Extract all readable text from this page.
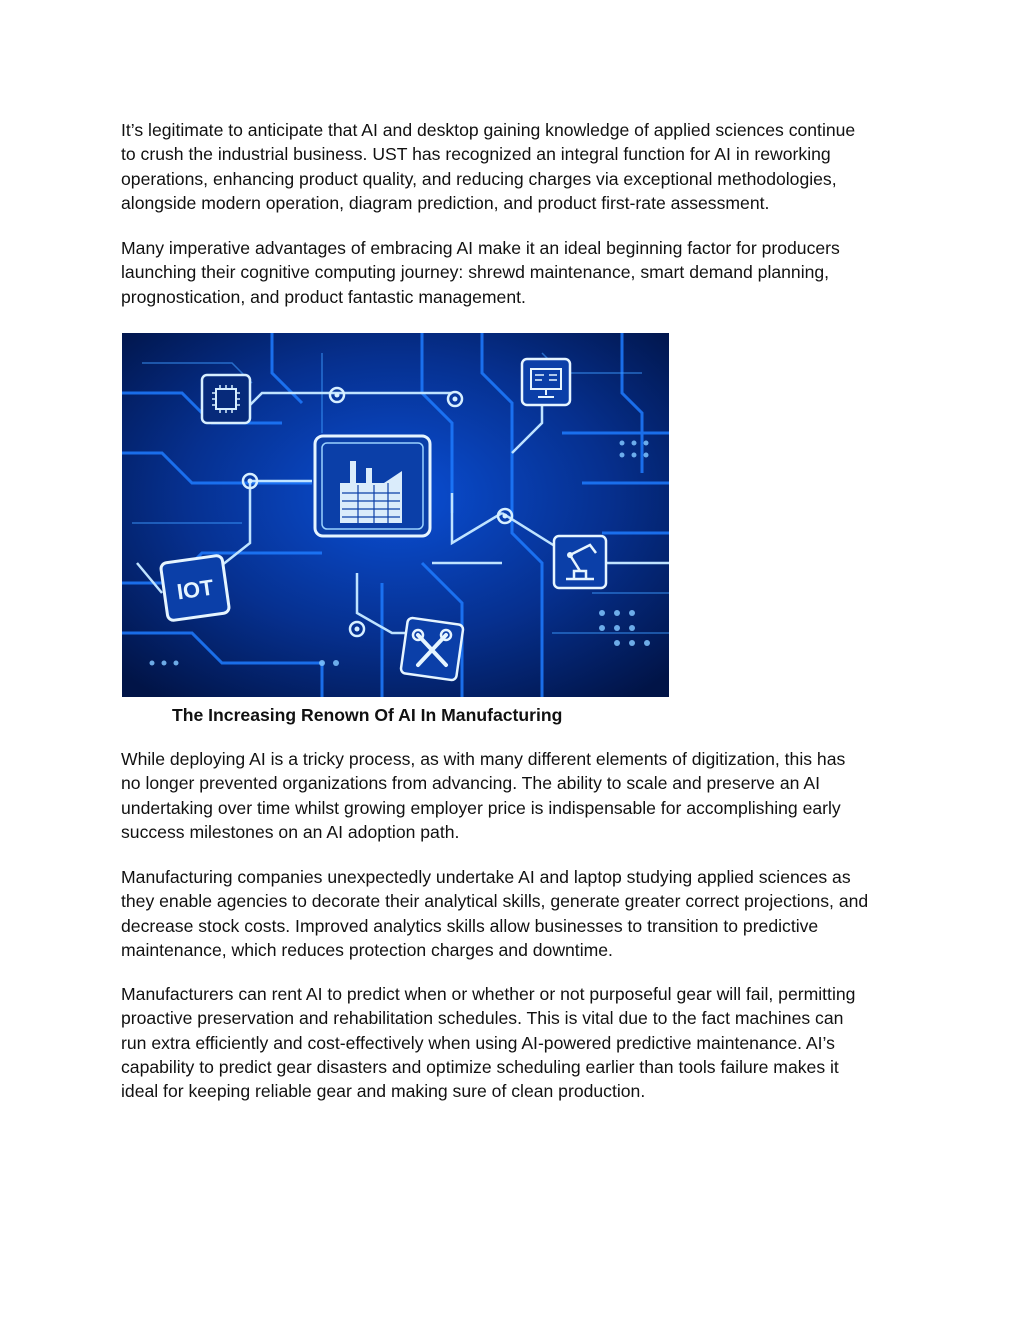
It’s legitimate to anticipate that AI and desktop gaining knowledge of applied sciences continue
to crush the industrial business. UST has recognized an integral function for AI in reworking
operations, enhancing product quality, and reducing charges via exceptional methodologies,
alongside modern operation, diagram prediction, and product first-rate assessment.

Many imperative advantages of embracing AI make it an ideal beginning factor for producers
launching their cognitive computing journey: shrewd maintenance, smart demand planning,
prognostication, and product fantastic management.

IOT

The Increasing Renown Of AI In Manufacturing

While deploying AI is a tricky process, as with many different elements of digitization, this has
no longer prevented organizations from advancing. The ability to scale and preserve an AI
undertaking over time whilst growing employer price is indispensable for accomplishing early
success milestones on an AI adoption path.

Manufacturing companies unexpectedly undertake AI and laptop studying applied sciences as
they enable agencies to decorate their analytical skills, generate greater correct projections, and
decrease stock costs. Improved analytics skills allow businesses to transition to predictive
maintenance, which reduces protection charges and downtime.

Manufacturers can rent AI to predict when or whether or not purposeful gear will fail, permitting
proactive preservation and rehabilitation schedules. This is vital due to the fact machines can
run extra efficiently and cost-effectively when using AI-powered predictive maintenance. AI’s
capability to predict gear disasters and optimize scheduling earlier than tools failure makes it
ideal for keeping reliable gear and making sure of clean production.
